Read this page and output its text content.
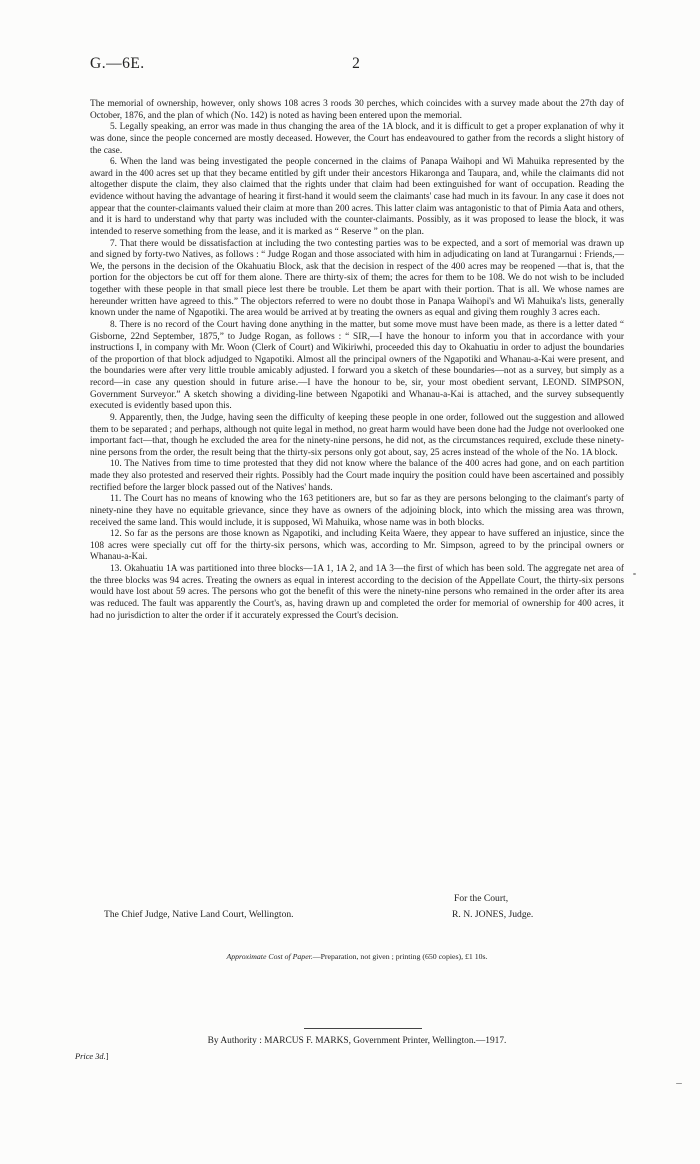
G.—6E.	2

The memorial of ownership, however, only shows 108 acres 3 roods 30 perches, which coincides with a survey made about the 27th day of October, 1876, and the plan of which (No. 142) is noted as having been entered upon the memorial.

5. Legally speaking, an error was made in thus changing the area of the 1A block, and it is difficult to get a proper explanation of why it was done, since the people concerned are mostly deceased. However, the Court has endeavoured to gather from the records a slight history of the case.

6. When the land was being investigated the people concerned in the claims of Panapa Waihopi and Wi Mahuika represented by the award in the 400 acres set up that they became entitled by gift under their ancestors Hikaronga and Taupara, and, while the claimants did not altogether dispute the claim, they also claimed that the rights under that claim had been extinguished for want of occupation. Reading the evidence without having the advantage of hearing it first-hand it would seem the claimants' case had much in its favour. In any case it does not appear that the counter-claimants valued their claim at more than 200 acres. This latter claim was antagonistic to that of Pimia Aata and others, and it is hard to understand why that party was included with the counter-claimants. Possibly, as it was proposed to lease the block, it was intended to reserve something from the lease, and it is marked as “ Reserve ” on the plan.

7. That there would be dissatisfaction at including the two contesting parties was to be expected, and a sort of memorial was drawn up and signed by forty-two Natives, as follows : “ Judge Rogan and those associated with him in adjudicating on land at Turangarnui : Friends,—We, the persons in the decision of the Okahuatiu Block, ask that the decision in respect of the 400 acres may be reopened —that is, that the portion for the objectors be cut off for them alone. There are thirty-six of them; the acres for them to be 108. We do not wish to be included together with these people in that small piece lest there be trouble. Let them be apart with their portion. That is all. We whose names are hereunder written have agreed to this.” The objectors referred to were no doubt those in Panapa Waihopi's and Wi Mahuika's lists, generally known under the name of Ngapotiki. The area would be arrived at by treating the owners as equal and giving them roughly 3 acres each.

8. There is no record of the Court having done anything in the matter, but some move must have been made, as there is a letter dated “ Gisborne, 22nd September, 1875,” to Judge Rogan, as follows : “ SIR,—I have the honour to inform you that in accordance with your instructions I, in company with Mr. Woon (Clerk of Court) and Wikiriwhi, proceeded this day to Okahuatiu in order to adjust the boundaries of the proportion of that block adjudged to Ngapotiki. Almost all the principal owners of the Ngapotiki and Whanau-a-Kai were present, and the boundaries were after very little trouble amicably adjusted. I forward you a sketch of these boundaries—not as a survey, but simply as a record—in case any question should in future arise.—I have the honour to be, sir, your most obedient servant, LEOND. SIMPSON, Government Surveyor.” A sketch showing a dividing-line between Ngapotiki and Whanau-a-Kai is attached, and the survey subsequently executed is evidently based upon this.

9. Apparently, then, the Judge, having seen the difficulty of keeping these people in one order, followed out the suggestion and allowed them to be separated ; and perhaps, although not quite legal in method, no great harm would have been done had the Judge not overlooked one important fact—that, though he excluded the area for the ninety-nine persons, he did not, as the circumstances required, exclude these ninety-nine persons from the order, the result being that the thirty-six persons only got about, say, 25 acres instead of the whole of the No. 1A block.

10. The Natives from time to time protested that they did not know where the balance of the 400 acres had gone, and on each partition made they also protested and reserved their rights. Possibly had the Court made inquiry the position could have been ascertained and possibly rectified before the larger block passed out of the Natives' hands.

11. The Court has no means of knowing who the 163 petitioners are, but so far as they are persons belonging to the claimant's party of ninety-nine they have no equitable grievance, since they have as owners of the adjoining block, into which the missing area was thrown, received the same land. This would include, it is supposed, Wi Mahuika, whose name was in both blocks.

12. So far as the persons are those known as Ngapotiki, and including Keita Waere, they appear to have suffered an injustice, since the 108 acres were specially cut off for the thirty-six persons, which was, according to Mr. Simpson, agreed to by the principal owners or Whanau-a-Kai.

13. Okahuatiu 1A was partitioned into three blocks—1A 1, 1A 2, and 1A 3—the first of which has been sold. The aggregate net area of the three blocks was 94 acres. Treating the owners as equal in interest according to the decision of the Appellate Court, the thirty-six persons would have lost about 59 acres. The persons who got the benefit of this were the ninety-nine persons who remained in the order after its area was reduced. The fault was apparently the Court's, as, having drawn up and completed the order for memorial of ownership for 400 acres, it had no jurisdiction to alter the order if it accurately expressed the Court's decision.

For the Court,
The Chief Judge, Native Land Court, Wellington.	R. N. JONES, Judge.
Approximate Cost of Paper.—Preparation, not given ; printing (650 copies), £1 10s.
By Authority : MARCUS F. MARKS, Government Printer, Wellington.—1917.
Price 3d.]
